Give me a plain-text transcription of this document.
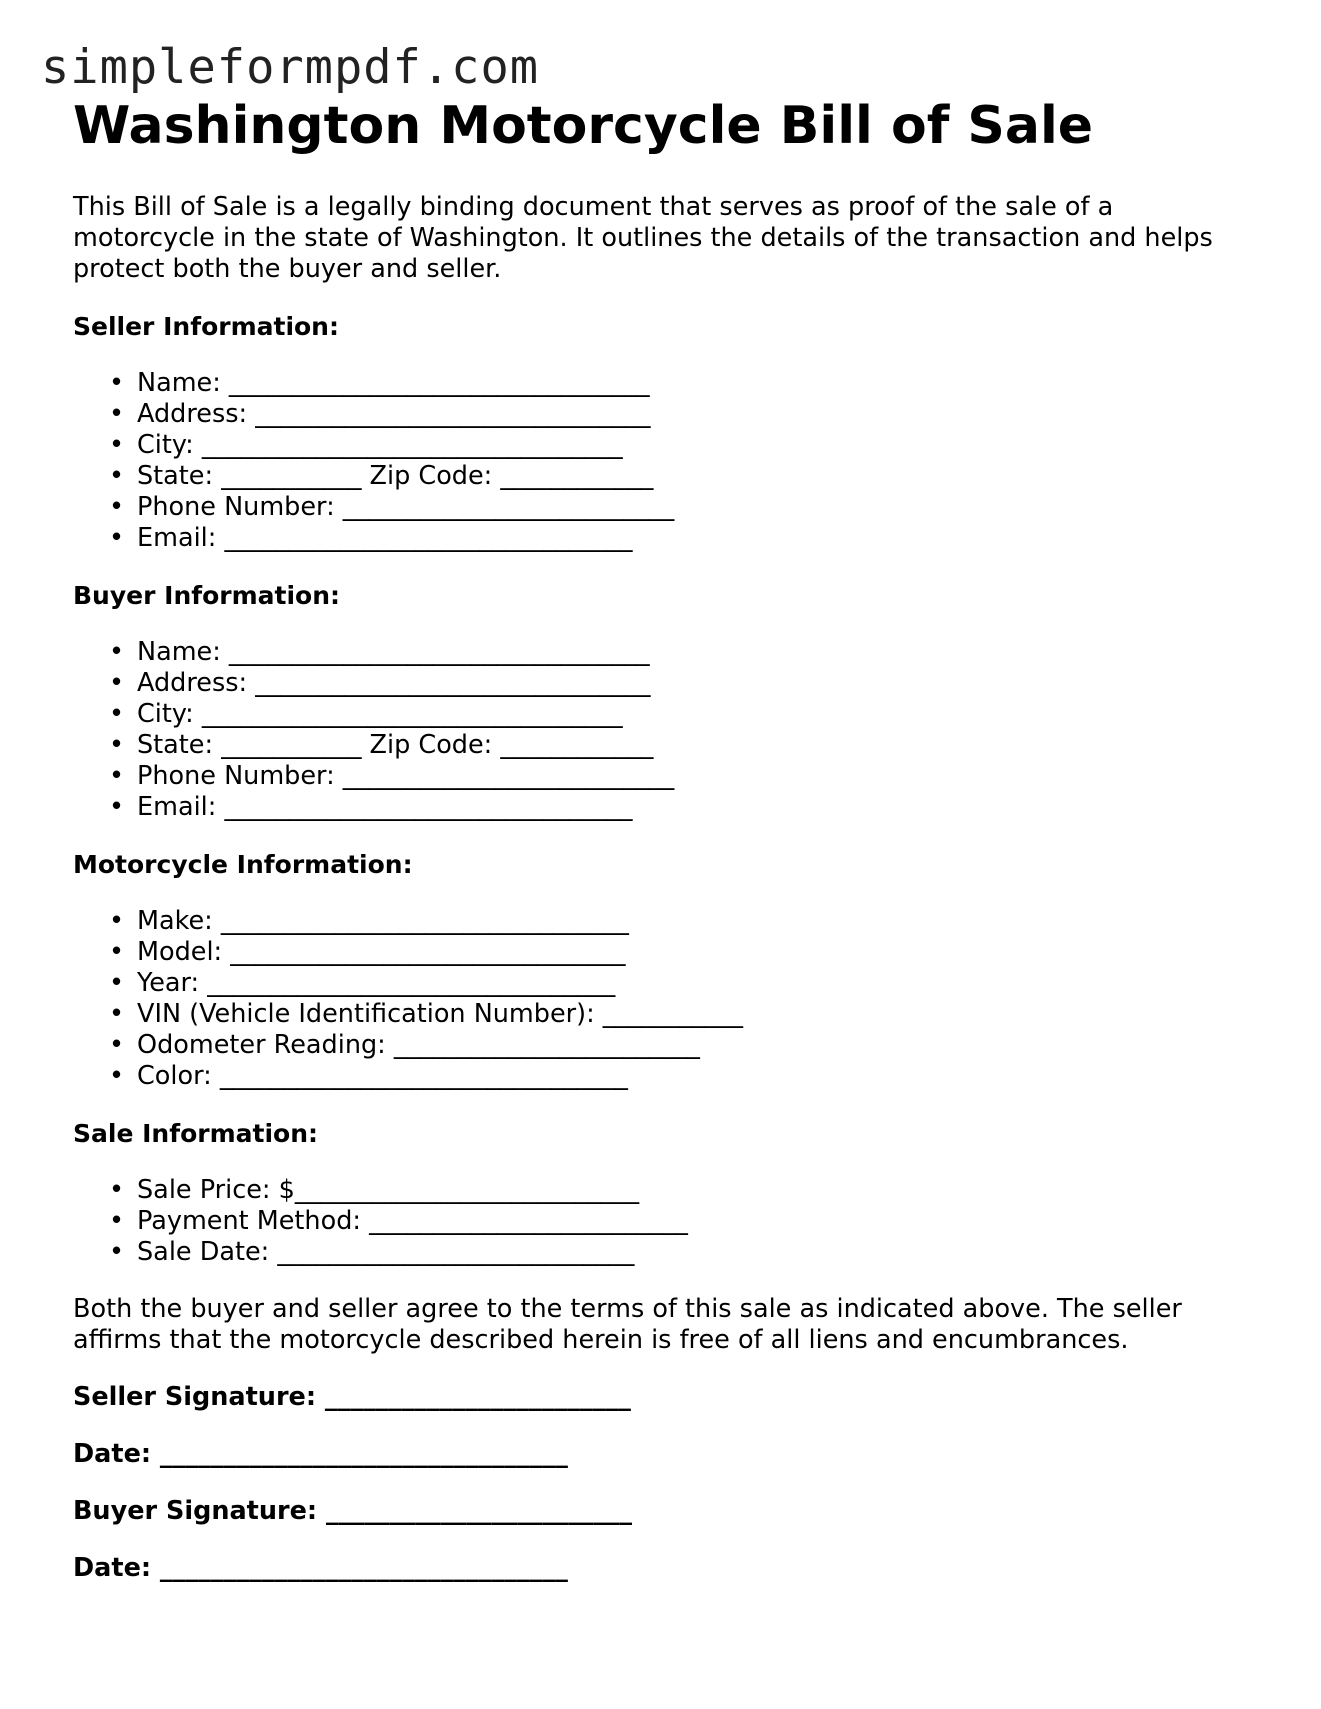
simpleformpdf.com
Washington Motorcycle Bill of Sale

This Bill of Sale is a legally binding document that serves as proof of the sale of a motorcycle in the state of Washington. It outlines the details of the transaction and helps protect both the buyer and seller.

Seller Information:
• Name: _________________________________
• Address: _______________________________
• City: _________________________________
• State: ___________ Zip Code: ____________
• Phone Number: __________________________
• Email: ________________________________
Buyer Information:
• Name: _________________________________
• Address: _______________________________
• City: _________________________________
• State: ___________ Zip Code: ____________
• Phone Number: __________________________
• Email: ________________________________
Motorcycle Information:
• Make: ________________________________
• Model: _______________________________
• Year: ________________________________
• VIN (Vehicle Identification Number): ___________
• Odometer Reading: ________________________
• Color: ________________________________
Sale Information:
• Sale Price: $___________________________
• Payment Method: _________________________
• Sale Date: ____________________________

Both the buyer and seller agree to the terms of this sale as indicated above. The seller affirms that the motorcycle described herein is free of all liens and encumbrances.

Seller Signature: ________________________
Date: ________________________________
Buyer Signature: ________________________
Date: ________________________________
